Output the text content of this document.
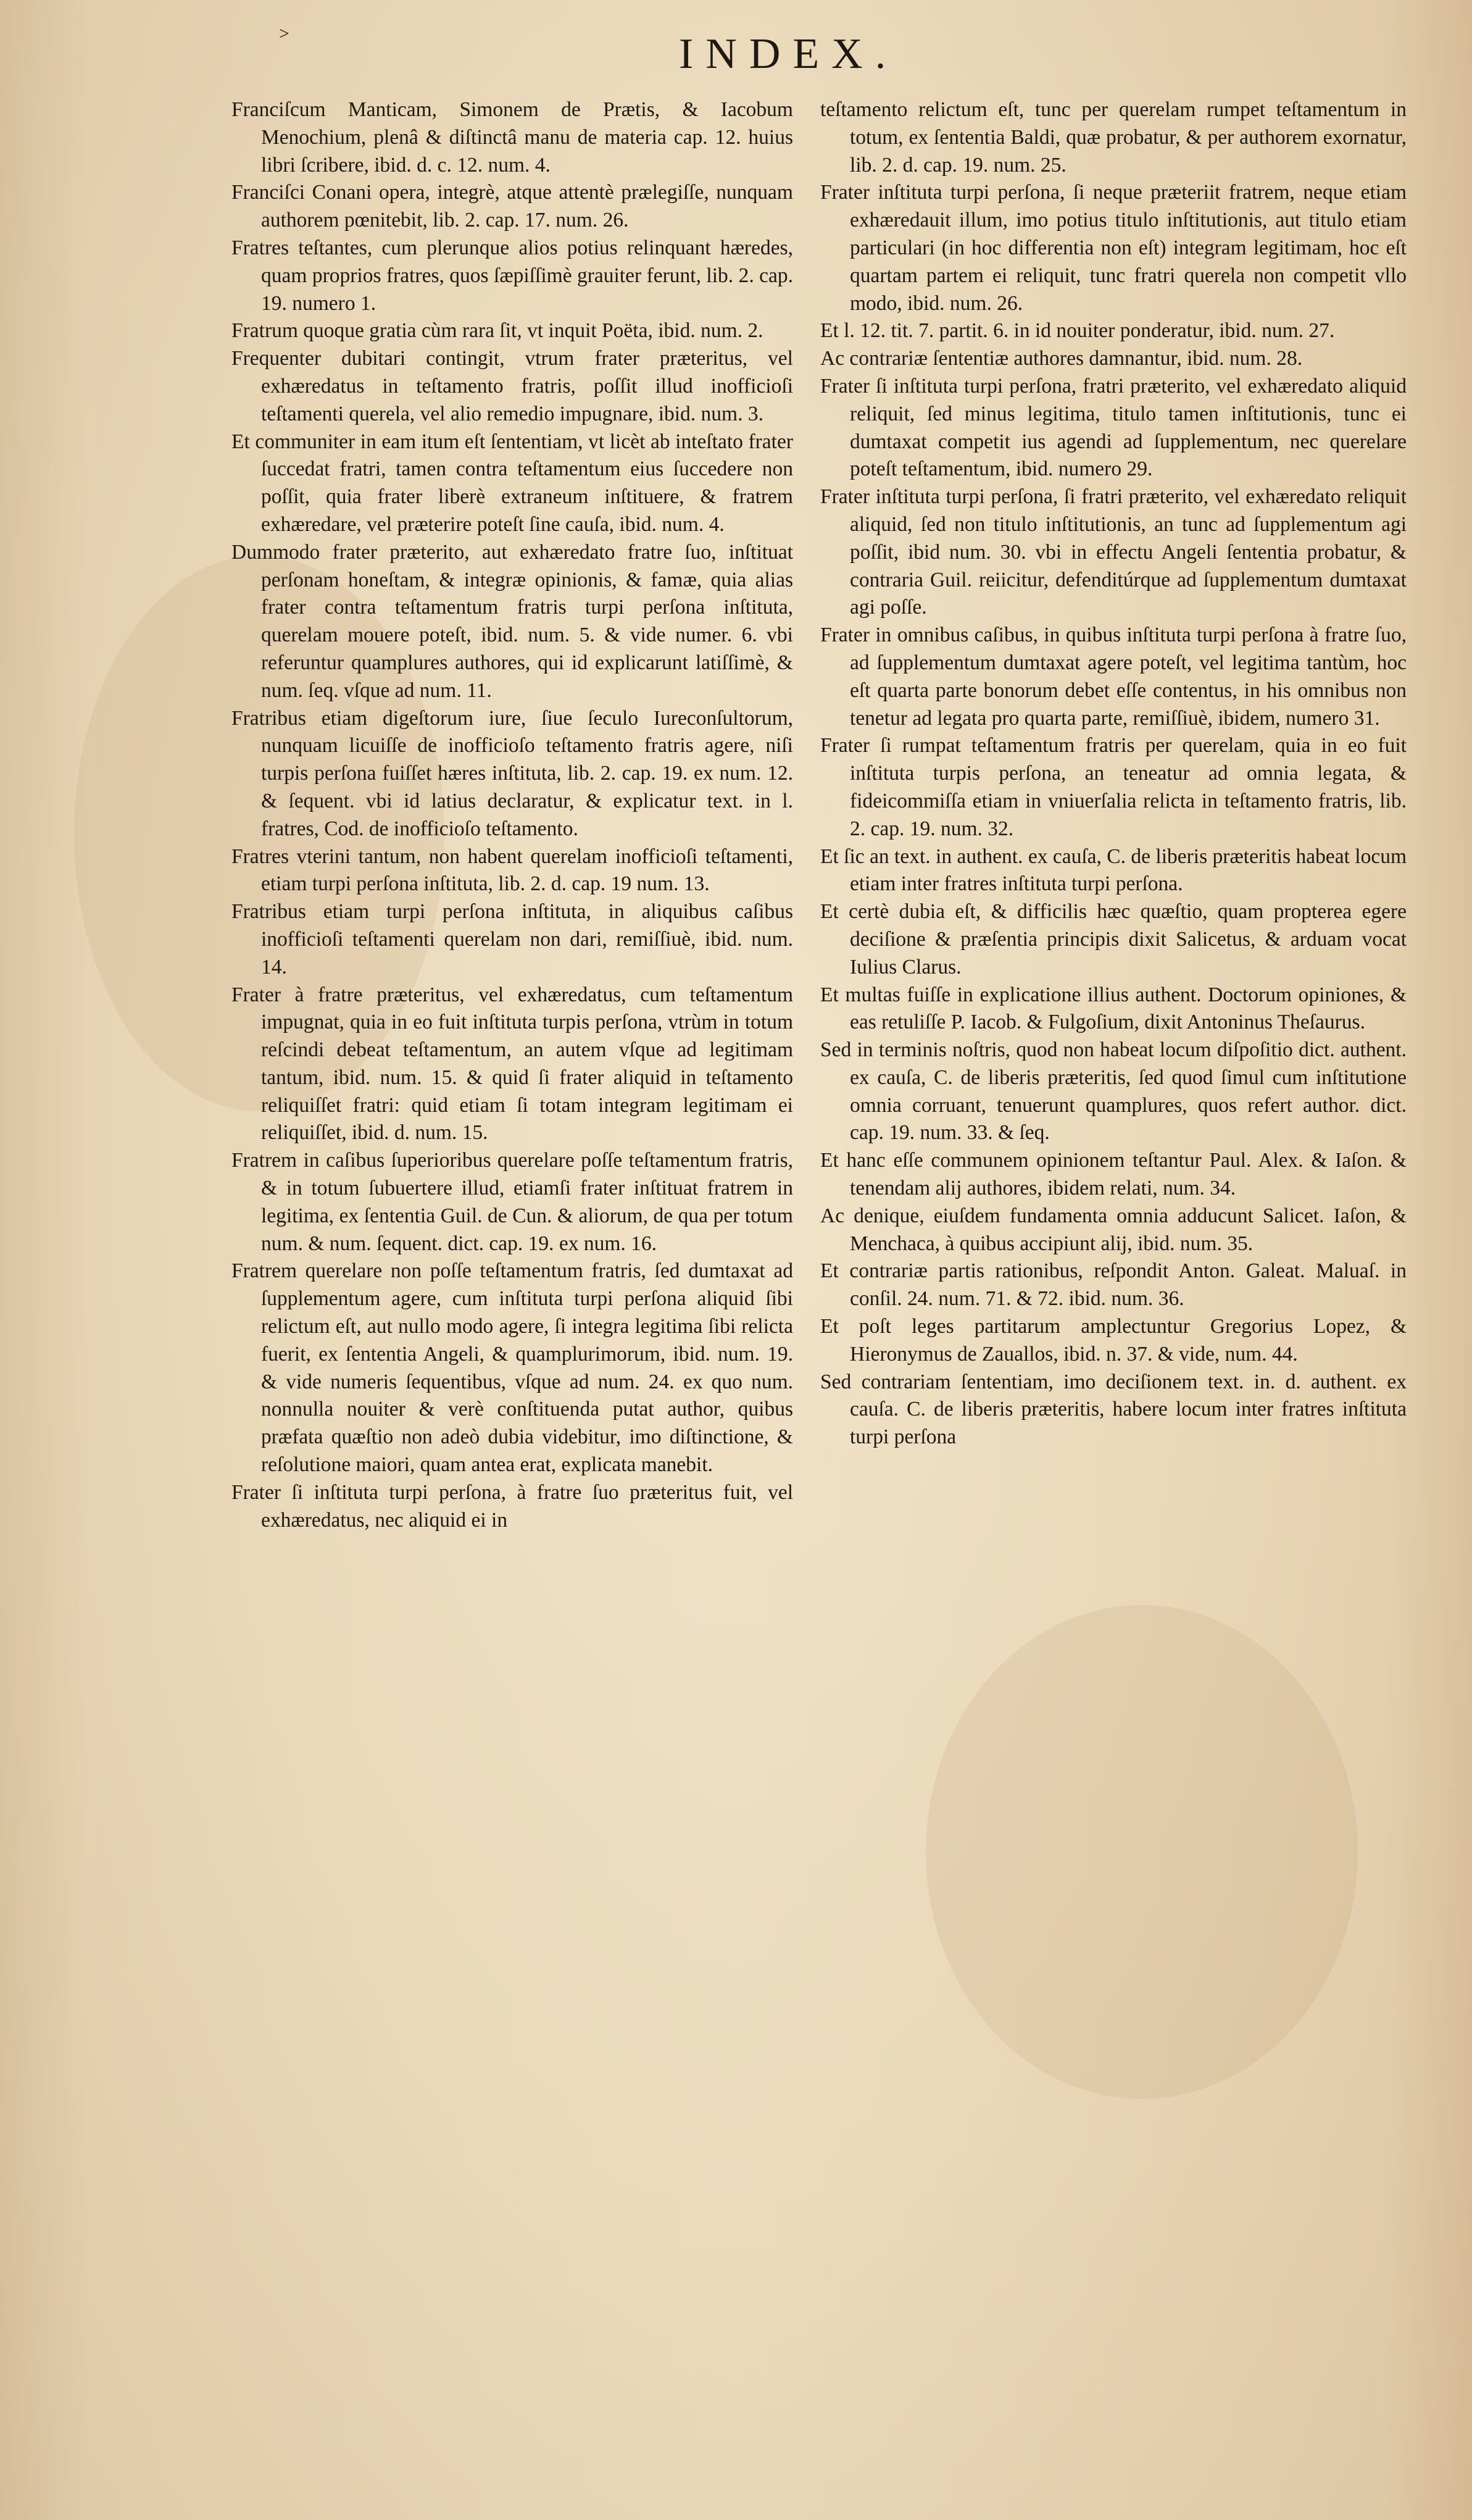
˃	INDEX.

Franciſcum Manticam, Simonem de Prætis, & Iacobum Menochium, plenâ & diſtinctâ manu de materia cap. 12. huius libri ſcribere, ibid. d. c. 12. num. 4.

Franciſci Conani opera, integrè, atque attentè prælegiſſe, nunquam authorem pœnitebit, lib. 2. cap. 17. num. 26.

Fratres teſtantes, cum plerunque alios potius relinquant hæredes, quam proprios fratres, quos ſæpiſſimè grauiter ferunt, lib. 2. cap. 19. numero 1.

Fratrum quoque gratia cùm rara ſit, vt inquit Poëta, ibid. num. 2.

Frequenter dubitari contingit, vtrum frater præteritus, vel exhæredatus in teſtamento fratris, poſſit illud inofficioſi teſtamenti querela, vel alio remedio impugnare, ibid. num. 3.

Et communiter in eam itum eſt ſententiam, vt licèt ab inteſtato frater ſuccedat fratri, tamen contra teſtamentum eius ſuccedere non poſſit, quia frater liberè extraneum inſtituere, & fratrem exhæredare, vel præterire poteſt ſine cauſa, ibid. num. 4.

Dummodo frater præterito, aut exhæredato fratre ſuo, inſtituat perſonam honeſtam, & integræ opinionis, & famæ, quia alias frater contra teſtamentum fratris turpi perſona inſtituta, querelam mouere poteſt, ibid. num. 5. & vide numer. 6. vbi referuntur quamplures authores, qui id explicarunt latiſſimè, & num. ſeq. vſque ad num. 11.

Fratribus etiam digeſtorum iure, ſiue ſeculo Iureconſultorum, nunquam licuiſſe de inofficioſo teſtamento fratris agere, niſi turpis perſona fuiſſet hæres inſtituta, lib. 2. cap. 19. ex num. 12. & ſequent. vbi id latius declaratur, & explicatur text. in l. fratres, Cod. de inofficioſo teſtamento.

Fratres vterini tantum, non habent querelam inofficioſi teſtamenti, etiam turpi perſona inſtituta, lib. 2. d. cap. 19 num. 13.

Fratribus etiam turpi perſona inſtituta, in aliquibus caſibus inofficioſi teſtamenti querelam non dari, remiſſiuè, ibid. num. 14.

Frater à fratre præteritus, vel exhæredatus, cum teſtamentum impugnat, quia in eo fuit inſtituta turpis perſona, vtrùm in totum reſcindi debeat teſtamentum, an autem vſque ad legitimam tantum, ibid. num. 15. & quid ſi frater aliquid in teſtamento reliquiſſet fratri: quid etiam ſi totam integram legitimam ei reliquiſſet, ibid. d. num. 15.

Fratrem in caſibus ſuperioribus querelare poſſe teſtamentum fratris, & in totum ſubuertere illud, etiamſi frater inſtituat fratrem in legitima, ex ſententia Guil. de Cun. & aliorum, de qua per totum num. & num. ſequent. dict. cap. 19. ex num. 16.

Fratrem querelare non poſſe teſtamentum fratris, ſed dumtaxat ad ſupplementum agere, cum inſtituta turpi perſona aliquid ſibi relictum eſt, aut nullo modo agere, ſi integra legitima ſibi relicta fuerit, ex ſententia Angeli, & quamplurimorum, ibid. num. 19. & vide numeris ſequentibus, vſque ad num. 24. ex quo num. nonnulla nouiter & verè conſtituenda putat author, quibus præfata quæſtio non adeò dubia videbitur, imo diſtinctione, & reſolutione maiori, quam antea erat, explicata manebit.

Frater ſi inſtituta turpi perſona, à fratre ſuo præteritus fuit, vel exhæredatus, nec aliquid ei in

teſtamento relictum eſt, tunc per querelam rumpet teſtamentum in totum, ex ſententia Baldi, quæ probatur, & per authorem exornatur, lib. 2. d. cap. 19. num. 25.

Frater inſtituta turpi perſona, ſi neque præteriit fratrem, neque etiam exhæredauit illum, imo potius titulo inſtitutionis, aut titulo etiam particulari (in hoc differentia non eſt) integram legitimam, hoc eſt quartam partem ei reliquit, tunc fratri querela non competit vllo modo, ibid. num. 26.

Et l. 12. tit. 7. partit. 6. in id nouiter ponderatur, ibid. num. 27.

Ac contrariæ ſententiæ authores damnantur, ibid. num. 28.

Frater ſi inſtituta turpi perſona, fratri præterito, vel exhæredato aliquid reliquit, ſed minus legitima, titulo tamen inſtitutionis, tunc ei dumtaxat competit ius agendi ad ſupplementum, nec querelare poteſt teſtamentum, ibid. numero 29.

Frater inſtituta turpi perſona, ſi fratri præterito, vel exhæredato reliquit aliquid, ſed non titulo inſtitutionis, an tunc ad ſupplementum agi poſſit, ibid num. 30. vbi in effectu Angeli ſententia probatur, & contraria Guil. reiicitur, defenditúrque ad ſupplementum dumtaxat agi poſſe.

Frater in omnibus caſibus, in quibus inſtituta turpi perſona à fratre ſuo, ad ſupplementum dumtaxat agere poteſt, vel legitima tantùm, hoc eſt quarta parte bonorum debet eſſe contentus, in his omnibus non tenetur ad legata pro quarta parte, remiſſiuè, ibidem, numero 31.

Frater ſi rumpat teſtamentum fratris per querelam, quia in eo fuit inſtituta turpis perſona, an teneatur ad omnia legata, & fideicommiſſa etiam in vniuerſalia relicta in teſtamento fratris, lib. 2. cap. 19. num. 32.

Et ſic an text. in authent. ex cauſa, C. de liberis præteritis habeat locum etiam inter fratres inſtituta turpi perſona.

Et certè dubia eſt, & difficilis hæc quæſtio, quam propterea egere deciſione & præſentia principis dixit Salicetus, & arduam vocat Iulius Clarus.

Et multas fuiſſe in explicatione illius authent. Doctorum opiniones, & eas retuliſſe P. Iacob. & Fulgoſium, dixit Antoninus Theſaurus.

Sed in terminis noſtris, quod non habeat locum diſpoſitio dict. authent. ex cauſa, C. de liberis præteritis, ſed quod ſimul cum inſtitutione omnia corruant, tenuerunt quamplures, quos refert author. dict. cap. 19. num. 33. & ſeq.

Et hanc eſſe communem opinionem teſtantur Paul. Alex. & Iaſon. & tenendam alij authores, ibidem relati, num. 34.

Ac denique, eiuſdem fundamenta omnia adducunt Salicet. Iaſon, & Menchaca, à quibus accipiunt alij, ibid. num. 35.

Et contrariæ partis rationibus, reſpondit Anton. Galeat. Maluaſ. in conſil. 24. num. 71. & 72. ibid. num. 36.

Et poſt leges partitarum amplectuntur Gregorius Lopez, & Hieronymus de Zauallos, ibid. n. 37. & vide, num. 44.

Sed contrariam ſententiam, imo deciſionem text. in. d. authent. ex cauſa. C. de liberis præteritis, habere locum inter fratres inſtituta turpi perſona
